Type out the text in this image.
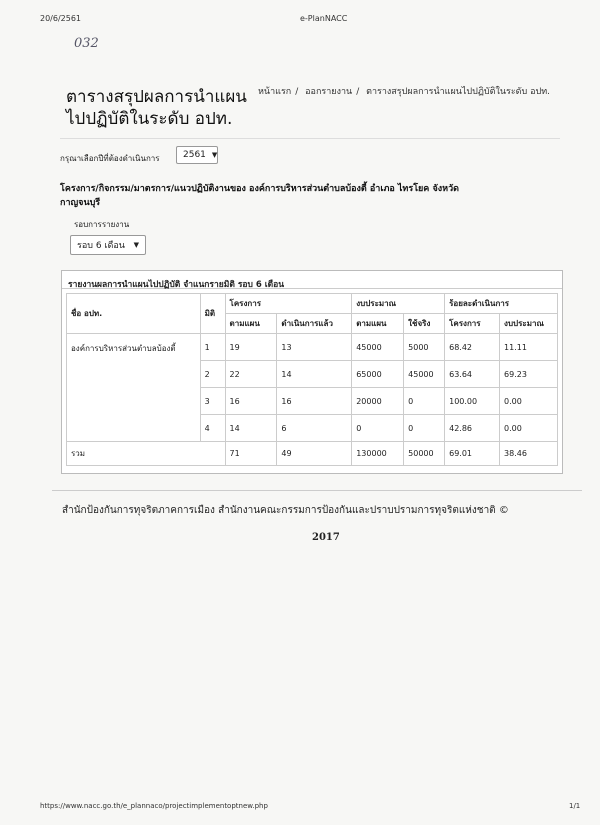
20/6/2561	e-PlanNACC
032
ตารางสรุปผลการนำแผน
ไปปฏิบัติในระดับ อปท.
หน้าแรก / ออกรายงาน / ตารางสรุปผลการนำแผนไปปฏิบัติในระดับ อปท.
กรุณาเลือกปีที่ต้องดำเนินการ	2561 ▼
โครงการ/กิจกรรม/มาตรการ/แนวปฏิบัติงานของ องค์การบริหารส่วนตำบลบ้องตี้ อำเภอ ไทรโยค จังหวัด
กาญจนบุรี
รอบการรายงาน
รอบ 6 เดือน ▼
รายงานผลการนำแผนไปปฏิบัติ จำแนกรายมิติ รอบ 6 เดือน
ชื่อ อปท.	มิติ	โครงการ		งบประมาณ		ร้อยละดำเนินการ	
		ตามแผน	ดำเนินการแล้ว	ตามแผน	ใช้จริง	โครงการ	งบประมาณ
องค์การบริหารส่วนตำบลบ้องตี้	1	19	13	45000	5000	68.42	11.11
	2	22	14	65000	45000	63.64	69.23
	3	16	16	20000	0	100.00	0.00
	4	14	6	0	0	42.86	0.00
รวม		71	49	130000	50000	69.01	38.46
สำนักป้องกันการทุจริตภาคการเมือง สำนักงานคณะกรรมการป้องกันและปราบปรามการทุจริตแห่งชาติ ©
2017
https://www.nacc.go.th/e_plannaco/projectimplementoptnew.php	1/1
